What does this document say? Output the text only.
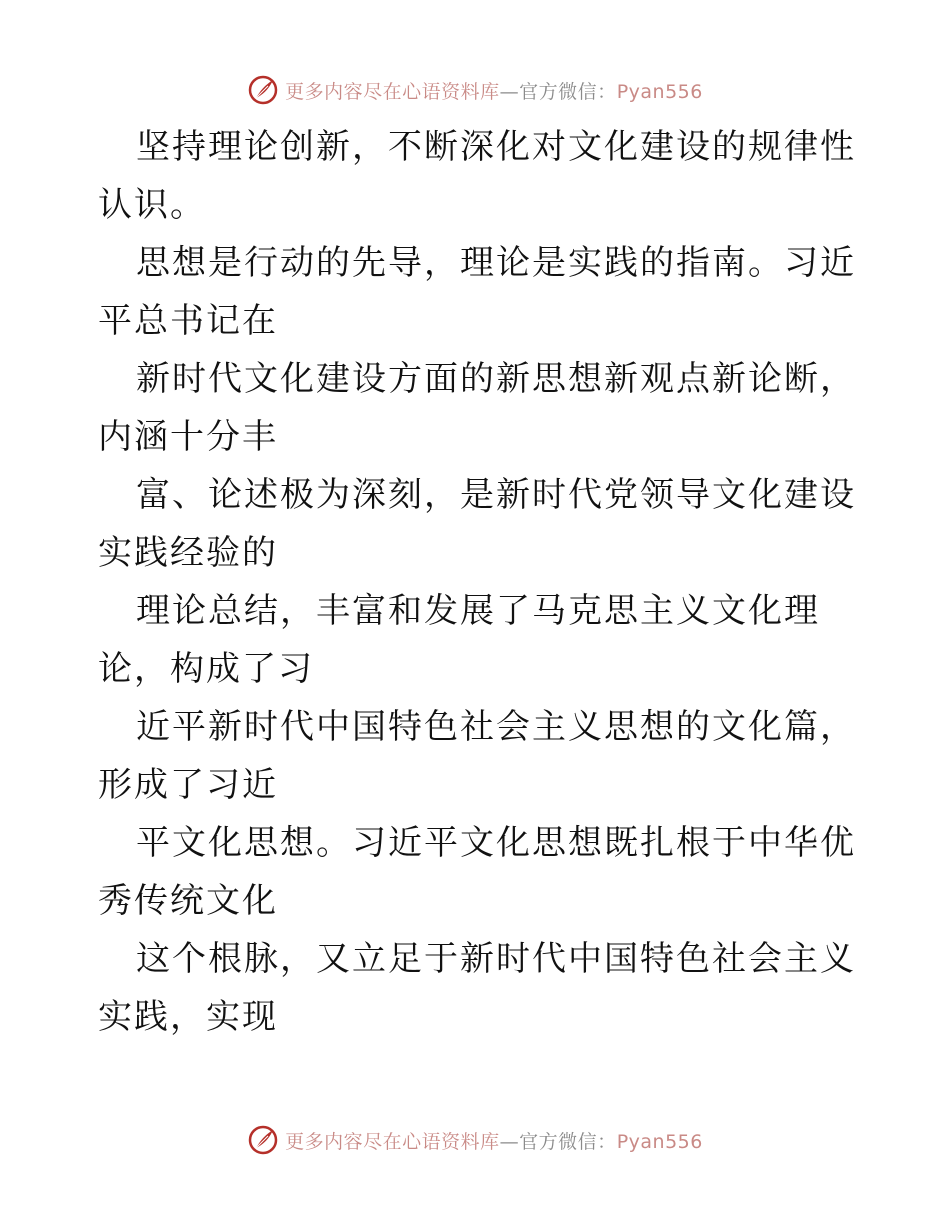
更多内容尽在心语资料库—官方微信：Pyan556

坚持理论创新，不断深化对文化建设的规律性认识。

思想是行动的先导，理论是实践的指南。习近平总书记在

新时代文化建设方面的新思想新观点新论断，内涵十分丰

富、论述极为深刻，是新时代党领导文化建设实践经验的

理论总结，丰富和发展了马克思主义文化理论，构成了习

近平新时代中国特色社会主义思想的文化篇，形成了习近

平文化思想。习近平文化思想既扎根于中华优秀传统文化

这个根脉，又立足于新时代中国特色社会主义实践，实现

更多内容尽在心语资料库—官方微信：Pyan556
